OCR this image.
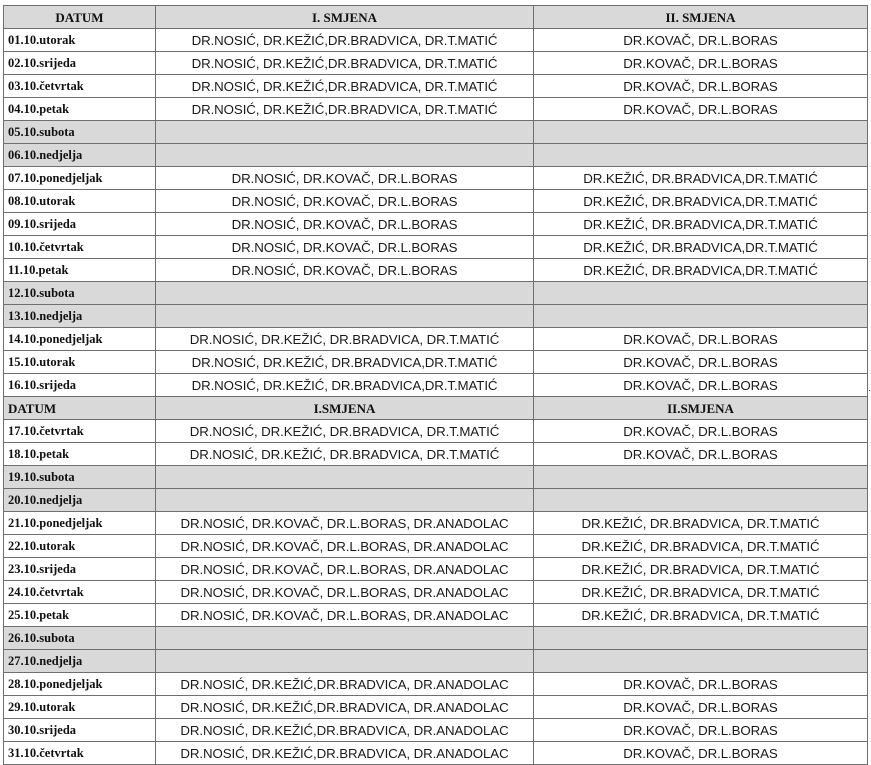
DATUM	I. SMJENA	II. SMJENA
01.10.utorak	DR.NOSIĆ, DR.KEŽIĆ,DR.BRADVICA, DR.T.MATIĆ	DR.KOVAČ, DR.L.BORAS
02.10.srijeda	DR.NOSIĆ, DR.KEŽIĆ,DR.BRADVICA, DR.T.MATIĆ	DR.KOVAČ, DR.L.BORAS
03.10.četvrtak	DR.NOSIĆ, DR.KEŽIĆ,DR.BRADVICA, DR.T.MATIĆ	DR.KOVAČ, DR.L.BORAS
04.10.petak	DR.NOSIĆ, DR.KEŽIĆ,DR.BRADVICA, DR.T.MATIĆ	DR.KOVAČ, DR.L.BORAS
05.10.subota		
06.10.nedjelja		
07.10.ponedjeljak	DR.NOSIĆ, DR.KOVAČ, DR.L.BORAS	DR.KEŽIĆ, DR.BRADVICA,DR.T.MATIĆ
08.10.utorak	DR.NOSIĆ, DR.KOVAČ, DR.L.BORAS	DR.KEŽIĆ, DR.BRADVICA,DR.T.MATIĆ
09.10.srijeda	DR.NOSIĆ, DR.KOVAČ, DR.L.BORAS	DR.KEŽIĆ, DR.BRADVICA,DR.T.MATIĆ
10.10.četvrtak	DR.NOSIĆ, DR.KOVAČ, DR.L.BORAS	DR.KEŽIĆ, DR.BRADVICA,DR.T.MATIĆ
11.10.petak	DR.NOSIĆ, DR.KOVAČ, DR.L.BORAS	DR.KEŽIĆ, DR.BRADVICA,DR.T.MATIĆ
12.10.subota		
13.10.nedjelja		
14.10.ponedjeljak	DR.NOSIĆ, DR.KEŽIĆ, DR.BRADVICA, DR.T.MATIĆ	DR.KOVAČ, DR.L.BORAS
15.10.utorak	DR.NOSIĆ, DR.KEŽIĆ, DR.BRADVICA,DR.T.MATIĆ	DR.KOVAČ, DR.L.BORAS
16.10.srijeda	DR.NOSIĆ, DR.KEŽIĆ, DR.BRADVICA,DR.T.MATIĆ	DR.KOVAČ, DR.L.BORAS
DATUM	I.SMJENA	II.SMJENA
17.10.četvrtak	DR.NOSIĆ, DR.KEŽIĆ, DR.BRADVICA, DR.T.MATIĆ	DR.KOVAČ, DR.L.BORAS
18.10.petak	DR.NOSIĆ, DR.KEŽIĆ, DR.BRADVICA, DR.T.MATIĆ	DR.KOVAČ, DR.L.BORAS
19.10.subota		
20.10.nedjelja		
21.10.ponedjeljak	DR.NOSIĆ, DR.KOVAČ, DR.L.BORAS, DR.ANADOLAC	DR.KEŽIĆ, DR.BRADVICA, DR.T.MATIĆ
22.10.utorak	DR.NOSIĆ, DR.KOVAČ, DR.L.BORAS, DR.ANADOLAC	DR.KEŽIĆ, DR.BRADVICA, DR.T.MATIĆ
23.10.srijeda	DR.NOSIĆ, DR.KOVAČ, DR.L.BORAS, DR.ANADOLAC	DR.KEŽIĆ, DR.BRADVICA, DR.T.MATIĆ
24.10.četvrtak	DR.NOSIĆ, DR.KOVAČ, DR.L.BORAS, DR.ANADOLAC	DR.KEŽIĆ, DR.BRADVICA, DR.T.MATIĆ
25.10.petak	DR.NOSIĆ, DR.KOVAČ, DR.L.BORAS, DR.ANADOLAC	DR.KEŽIĆ, DR.BRADVICA, DR.T.MATIĆ
26.10.subota		
27.10.nedjelja		
28.10.ponedjeljak	DR.NOSIĆ, DR.KEŽIĆ,DR.BRADVICA, DR.ANADOLAC	DR.KOVAČ, DR.L.BORAS
29.10.utorak	DR.NOSIĆ, DR.KEŽIĆ,DR.BRADVICA, DR.ANADOLAC	DR.KOVAČ, DR.L.BORAS
30.10.srijeda	DR.NOSIĆ, DR.KEŽIĆ,DR.BRADVICA, DR.ANADOLAC	DR.KOVAČ, DR.L.BORAS
31.10.četvrtak	DR.NOSIĆ, DR.KEŽIĆ,DR.BRADVICA, DR.ANADOLAC	DR.KOVAČ, DR.L.BORAS
.
